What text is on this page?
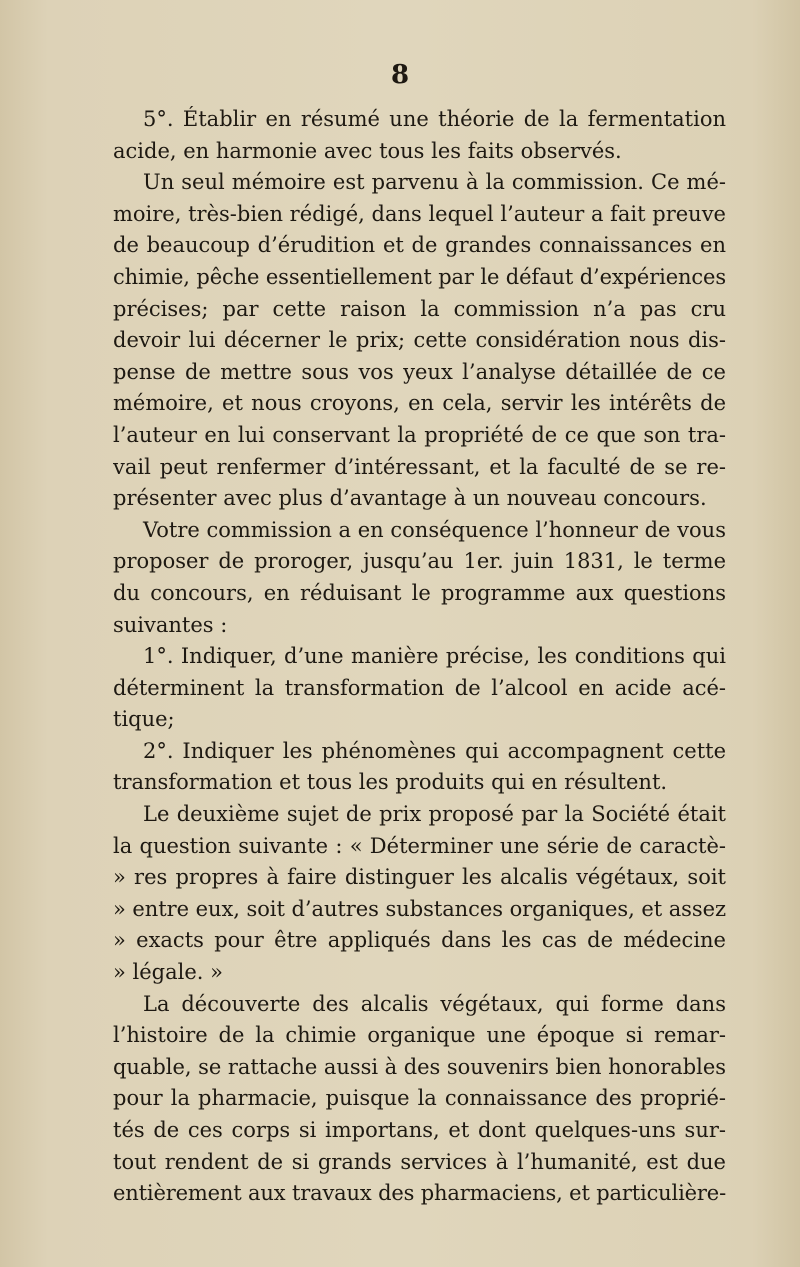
8
5°. Établir en résumé une théorie de la fermentation
acide, en harmonie avec tous les faits observés.
Un seul mémoire est parvenu à la commission. Ce mé-
moire, très-bien rédigé, dans lequel l’auteur a fait preuve
de beaucoup d’érudition et de grandes connaissances en
chimie, pêche essentiellement par le défaut d’expériences
précises; par cette raison la commission n’a pas cru
devoir lui décerner le prix; cette considération nous dis-
pense de mettre sous vos yeux l’analyse détaillée de ce
mémoire, et nous croyons, en cela, servir les intérêts de
l’auteur en lui conservant la propriété de ce que son tra-
vail peut renfermer d’intéressant, et la faculté de se re-
présenter avec plus d’avantage à un nouveau concours.
Votre commission a en conséquence l’honneur de vous
proposer de proroger, jusqu’au 1er. juin 1831, le terme
du concours, en réduisant le programme aux questions
suivantes :
1°. Indiquer, d’une manière précise, les conditions qui
déterminent la transformation de l’alcool en acide acé-
tique;
2°. Indiquer les phénomènes qui accompagnent cette
transformation et tous les produits qui en résultent.
Le deuxième sujet de prix proposé par la Société était
la question suivante : « Déterminer une série de caractè-
» res propres à faire distinguer les alcalis végétaux, soit
» entre eux, soit d’autres substances organiques, et assez
» exacts pour être appliqués dans les cas de médecine
» légale. »
La découverte des alcalis végétaux, qui forme dans
l’histoire de la chimie organique une époque si remar-
quable, se rattache aussi à des souvenirs bien honorables
pour la pharmacie, puisque la connaissance des proprié-
tés de ces corps si importans, et dont quelques-uns sur-
tout rendent de si grands services à l’humanité, est due
entièrement aux travaux des pharmaciens, et particulière-
